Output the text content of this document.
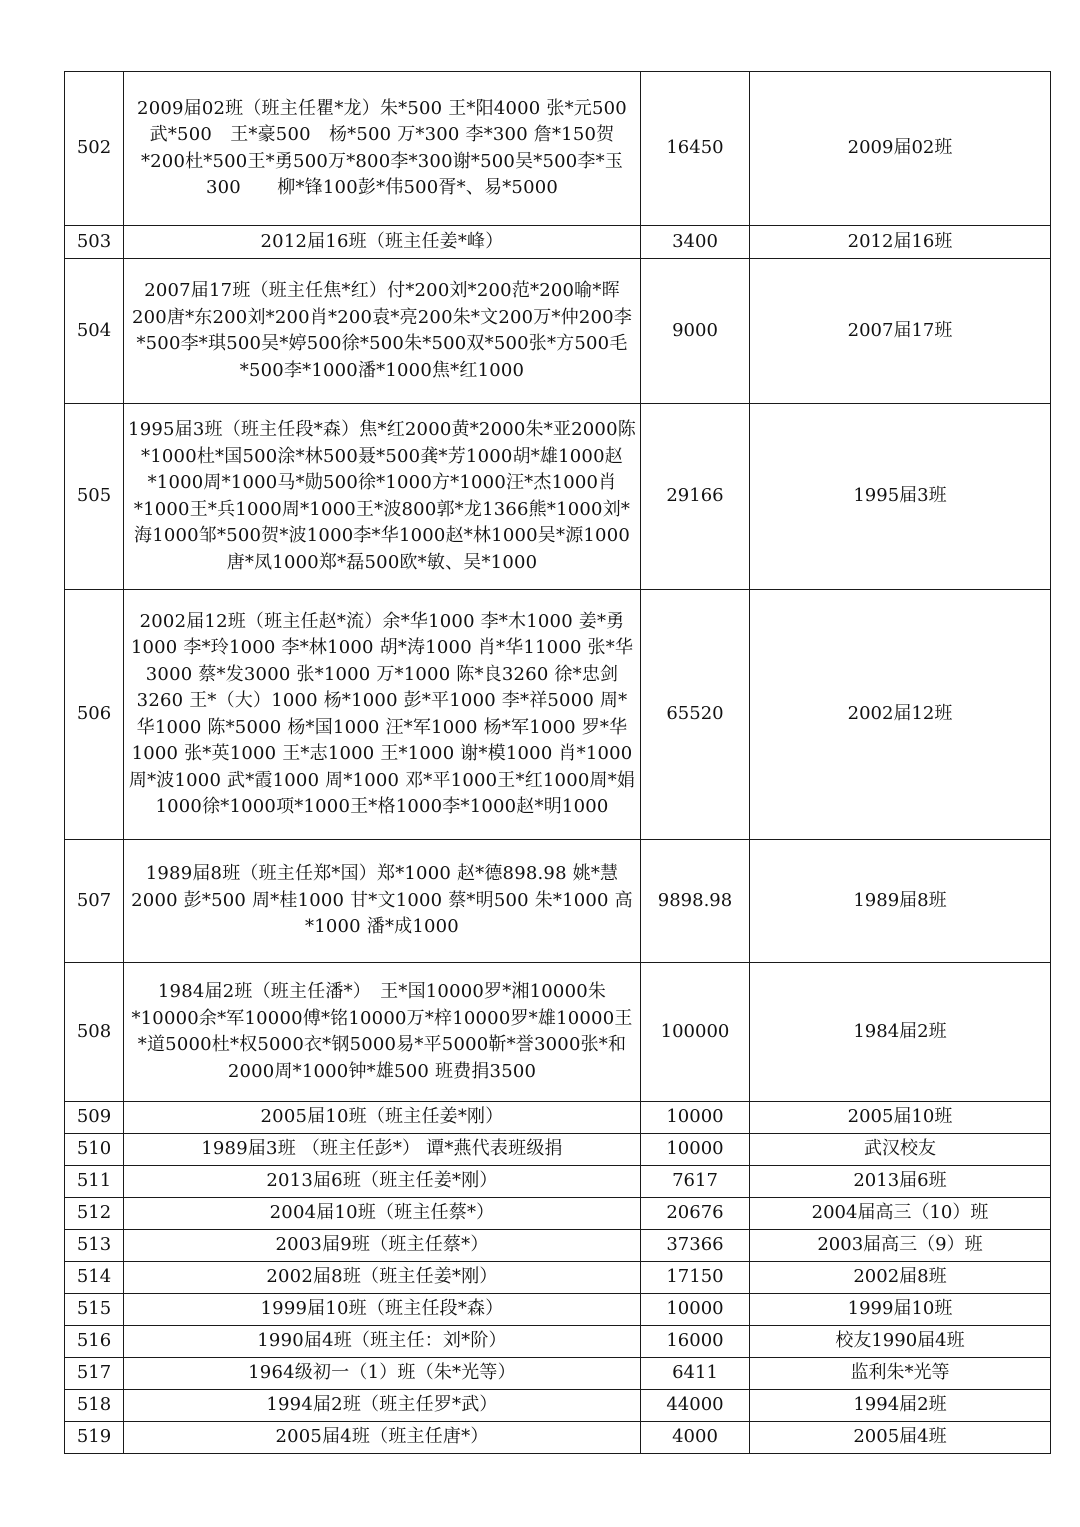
502	2009届02班（班主任瞿*龙）朱*500 王*阳4000 张*元500武*500　王*豪500　杨*500 万*300 李*300 詹*150贺*200杜*500王*勇500万*800李*300谢*500吴*500李*玉300　　柳*锋100彭*伟500胥*、易*5000	16450	2009届02班
503	2012届16班（班主任姜*峰）	3400	2012届16班
504	2007届17班（班主任焦*红）付*200刘*200范*200喻*晖200唐*东200刘*200肖*200袁*亮200朱*文200万*仲200李*500李*琪500吴*婷500徐*500朱*500双*500张*方500毛*500李*1000潘*1000焦*红1000	9000	2007届17班
505	1995届3班（班主任段*森）焦*红2000黄*2000朱*亚2000陈*1000杜*国500涂*林500聂*500龚*芳1000胡*雄1000赵*1000周*1000马*勋500徐*1000方*1000汪*杰1000肖*1000王*兵1000周*1000王*波800郭*龙1366熊*1000刘*海1000邹*500贺*波1000李*华1000赵*林1000吴*源1000唐*凤1000郑*磊500欧*敏、吴*1000	29166	1995届3班
506	2002届12班（班主任赵*流）余*华1000 李*木1000 姜*勇1000 李*玲1000 李*林1000 胡*涛1000 肖*华11000 张*华3000 蔡*发3000 张*1000 万*1000 陈*良3260 徐*忠剑3260 王*（大）1000 杨*1000 彭*平1000 李*祥5000 周*华1000 陈*5000 杨*国1000 汪*军1000 杨*军1000 罗*华1000 张*英1000 王*志1000 王*1000 谢*模1000 肖*1000 周*波1000 武*霞1000 周*1000 邓*平1000王*红1000周*娟1000徐*1000项*1000王*格1000李*1000赵*明1000	65520	2002届12班
507	1989届8班（班主任郑*国）郑*1000 赵*德898.98 姚*慧2000 彭*500 周*桂1000 甘*文1000 蔡*明500 朱*1000 高*1000 潘*成1000	9898.98	1989届8班
508	1984届2班（班主任潘*）　王*国10000罗*湘10000朱*10000余*军10000傅*铭10000万*梓10000罗*雄10000王*道5000杜*权5000衣*钢5000易*平5000靳*誉3000张*和2000周*1000钟*雄500 班费捐3500	100000	1984届2班
509	2005届10班（班主任姜*刚）	10000	2005届10班
510	1989届3班 （班主任彭*） 谭*燕代表班级捐	10000	武汉校友
511	2013届6班（班主任姜*刚）	7617	2013届6班
512	2004届10班（班主任蔡*）	20676	2004届高三（10）班
513	2003届9班（班主任蔡*）	37366	2003届高三（9）班
514	2002届8班（班主任姜*刚）	17150	2002届8班
515	1999届10班（班主任段*森）	10000	1999届10班
516	1990届4班（班主任：刘*阶）	16000	校友1990届4班
517	1964级初一（1）班（朱*光等）	6411	监利朱*光等
518	1994届2班（班主任罗*武）	44000	1994届2班
519	2005届4班（班主任唐*）	4000	2005届4班
